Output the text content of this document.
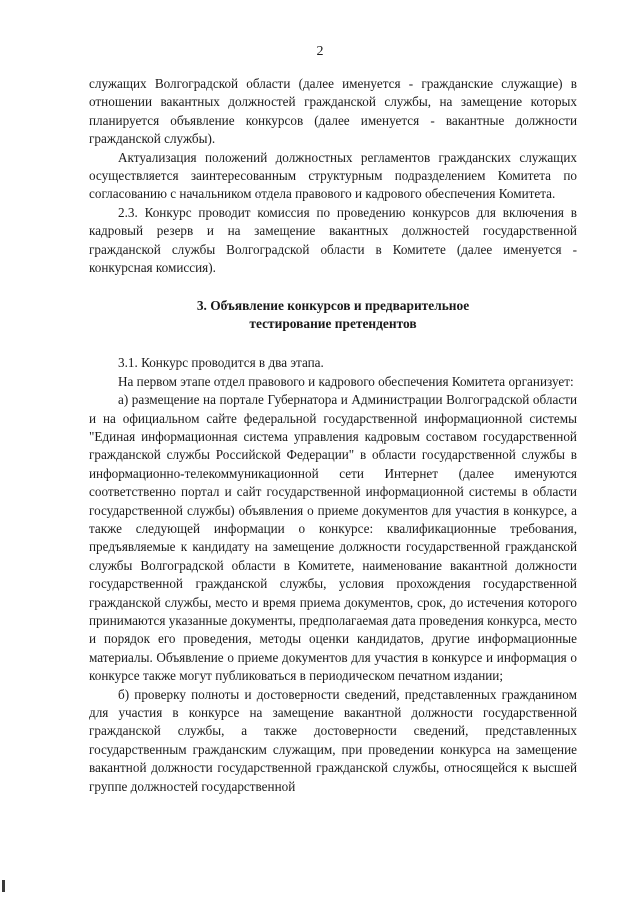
2

служащих Волгоградской области (далее именуется - гражданские служащие) в отношении вакантных должностей гражданской службы, на замещение которых планируется объявление конкурсов (далее именуется - вакантные должности гражданской службы).

Актуализация положений должностных регламентов гражданских служащих осуществляется заинтересованным структурным подразделением Комитета по согласованию с начальником отдела правового и кадрового обеспечения Комитета.

2.3. Конкурс проводит комиссия по проведению конкурсов для включения в кадровый резерв и на замещение вакантных должностей государственной гражданской службы Волгоградской области в Комитете (далее именуется - конкурсная комиссия).

3. Объявление конкурсов и предварительное
тестирование претендентов

3.1. Конкурс проводится в два этапа.

На первом этапе отдел правового и кадрового обеспечения Комитета организует:

а) размещение на портале Губернатора и Администрации Волгоградской области и на официальном сайте федеральной государственной информационной системы "Единая информационная система управления кадровым составом государственной гражданской службы Российской Федерации" в области государственной службы в информационно-телекоммуникационной сети Интернет (далее именуются соответственно портал и сайт государственной информационной системы в области государственной службы) объявления о приеме документов для участия в конкурсе, а также следующей информации о конкурсе: квалификационные требования, предъявляемые к кандидату на замещение должности государственной гражданской службы Волгоградской области в Комитете, наименование вакантной должности государственной гражданской службы, условия прохождения государственной гражданской службы, место и время приема документов, срок, до истечения которого принимаются указанные документы, предполагаемая дата проведения конкурса, место и порядок его проведения, методы оценки кандидатов, другие информационные материалы. Объявление о приеме документов для участия в конкурсе и информация о конкурсе также могут публиковаться в периодическом печатном издании;

б) проверку полноты и достоверности сведений, представленных гражданином для участия в конкурсе на замещение вакантной должности государственной гражданской службы, а также достоверности сведений, представленных государственным гражданским служащим, при проведении конкурса на замещение вакантной должности государственной гражданской службы, относящейся к высшей группе должностей государственной
